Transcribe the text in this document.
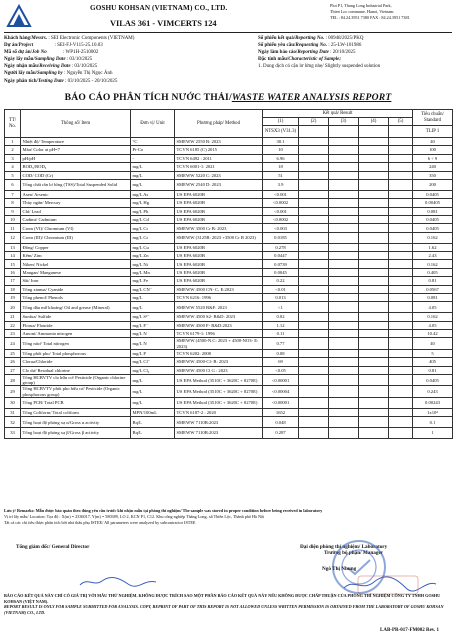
GOSHU KOHSAN (VIETNAM) CO., LTD.
VILAS 361 - VIMCERTS 124
Plot P1, Thang Long Industrial Park,
Thien Loc commune, Hanoi, Vietnam.
TEL : 84.24.3951 7380 FAX : 84.24.3951 7381
Khách hàng/Messrs. : SEI Electronic Components (VIETNAM)
Dự án/Project	: SEI-FJ-V115-25.10.03
Mã số dự án/Job No	: WP1H-2510002
Ngày lấy mẫu/Sampling Date : 03/10/2025
Ngày nhận mẫu/Receiving Date : 03/10/2025
Người lấy mẫu/Sampling by : Nguyễn Thị Ngọc Ánh
Ngày phân tích/Testing Date : 03/10/2025 - 20/10/2025
Số phiếu kết quả/Reporting No. : 00948/2025/PKQ
Số phiếu yêu cầu/Requesting No. : 25-LW-101986
Ngày làm báo cáo/Reporting Date : 20/10/2025
Đặc tính mẫu/Characteristic of Sample;
1. Dung dịch có cặn lơ lửng nhẹ/ Slightly suspended solution
BÁO CÁO PHÂN TÍCH NƯỚC THẢI/WASTE WATER ANALYSIS REPORT
TT/ No.	Thông số/ Item	Đơn vị/ Unit	Phương pháp/ Method	Kết quả/ Result					Tiêu chuẩn/ Standard
				(1)	(2)	(3)	(4)	(5)	
				NTSX3 (V31.3)					TLIP 1
1	Nhiệt độ/ Temperature	°C	SMEWW 2550 B: 2023	30.1					40
2	Màu/ Color at pH=7	Pt-Co	TCVN 6185 (C) 2015	10					100
3	pH/pH	-	TCVN 6492 : 2011	6.96					6 ÷ 9
4	BOD₅/BOD₅	mg/L	TCVN 6001-1: 2021	18					240
5	COD/ COD (Cr)	mg/L	SMEWW 5220 C: 2023	51					350
6	Tổng chất rắn lơ lửng (TSS)/Total Suspended Solid	mg/L	SMEWW 2540 D: 2023	3.9					200
7	Asen/ Arsenic	mg/L As	US EPA 6020B	<0.001					0.0405
8	Thủy ngân/ Mercury	mg/L Hg	US EPA 6020B	<0.0002					0.00405
9	Chì/ Lead	mg/L Pb	US EPA 6020B	<0.001					0.081
10	Cadimi/ Cadmium	mg/L Cd	US EPA 6020B	<0.0002					0.0405
11	Crom (VI)/ Chromium (VI)	mg/L Cr	SMEWW 3500 Cr B: 2023	<0.003					0.0405
12	Crom (III)/ Chromium (III)	mg/L Cr	SMEWW (3125B: 2023 +3500 Cr B 2023)	0.0185					0.162
13	Đồng/ Copper	mg/L Cu	US EPA 6020B	0.278					1.62
14	Kẽm/ Zinc	mg/L Zn	US EPA 6020B	0.0447					2.43
15	Niken/ Nickel	mg/L Ni	US EPA 6020B	0.0739					0.162
16	Mangan/ Manganese	mg/L Mn	US EPA 6020B	0.0045					0.405
17	Sắt/ Iron	mg/L Fe	US EPA 6020B	0.22					0.81
18	Tổng xianua/ Cyanide	mg/L CN⁻	SMEWW 4500 CN- C, E:2023	<0.01					0.0567
19	Tổng phenol/ Phenols	mg/L	TCVN 6216: 1996	0.013					0.081
20	Tổng dầu mỡ khoáng/ Oil and grease (Mineral)	mg/L	SMEWW 5520 B&F: 2023	<1					4.05
21	Sunfua/ Sulfide	mg/L S²⁻	SMEWW 4500 S2- B&D: 2023	0.02					0.162
22	Florua/ Flouride	mg/L F⁻	SMEWW 4500 F- B&D:2023	1.12					4.05
23	Amoni/ Ammonia nitrogen	mg/L N	TCVN 6179-1: 1996	0.11					10.42
24	Tổng nitơ/ Total nitrogen	mg/L N	SMEWW (4500-N.C: 2023 + 4500-NO3- E: 2023)	0.77					40
25	Tổng phốt pho/ Total phosphorous	mg/L P	TCVN 6202: 2008	0.08					5
26	Clorua/Chloride	mg/L Cl⁻	SMEWW 4500-Cl- B: 2023	69					405
27	Clo dư/ Residual chlorine	mg/L Cl₂	SMEWW 4500 Cl G : 2023	<0.05					0.81
28	Tổng HCBVTV clo hữu cơ/ Pesticide (Organic chlorine group)	mg/L	US EPA Method (3510C + 3620C + 8270E)	<0.00001					0.0405
29	Tổng HCBVTV phốt pho hữu cơ/ Pesticide (Organic phosphorous group)	mg/L	US EPA Method (3510C + 3620C + 8270E)	<0.00004					0.243
30	Tổng PCB/ Total PCB	mg/L	US EPA Method (3510C + 3620C + 8270E)	<0.00001					0.00243
31	Tổng Coliform/ Total coliform	MPN/100mL	TCVN 6187-2 : 2020	1652					1x10⁴
32	Tổng hoạt độ phóng xạ α/Gross α activity	Bq/L	SMEWW 7110B:2023	0.048					0.1
33	Tổng hoạt độ phóng xạ β/Gross β activity	Bq/L	SMEWW 7110B:2023	0.287					1
Lưu ý/ Remarks: Mẫu được bảo quản theo đúng yêu cầu trước khi nhận mẫu tại phòng thí nghiệm/ The sample was stored in proper condition before being received in laboratory
Vị trí lấy mẫu/ Location: Tọa độ : X(m) = 2336017, Y(m) = 580389, LO 2, KCN P1, C12. Khu công nghiệp Thăng Long, xã Thiên Lộc, Thành phố Hà Nội
Tất cả các chỉ tiêu được phân tích bởi nhà thầu phụ ISTEE/ All parameters were analyzed by subcontractor ISTEE
Tổng giám đốc/ General Director	Đại diện phòng thí nghiệm/ Laboratory
Trưởng bộ phận/ Manager
Ngô Thị Nhung
BÁO CÁO KẾT QUẢ NÀY CHỈ CÓ GIÁ TRỊ VỚI MẪU THỬ NGHIỆM. KHÔNG ĐƯỢC TRÍCH SAO MỘT PHẦN BÁO CÁO KẾT QUẢ NÀY NẾU KHÔNG ĐƯỢC CHẤP THUẬN CỦA PHÒNG THÍ NGHIỆM CÔNG TY TNHH GOSHU KOHSAN (VIỆT NAM).
REPORT RESULT IS ONLY FOR SAMPLE SUBMITTED FOR ANALYSIS. COPY, REPRINT OF PART OF THIS REPORT IS NOT ALLOWED UNLESS WRITTEN PERMISSION IS OBTAINED FROM THE LABORATORY OF GOSHU KOHSAN (VIETNAM) CO., LTD.
LAB-PR-017-FM002 Rev. 1
